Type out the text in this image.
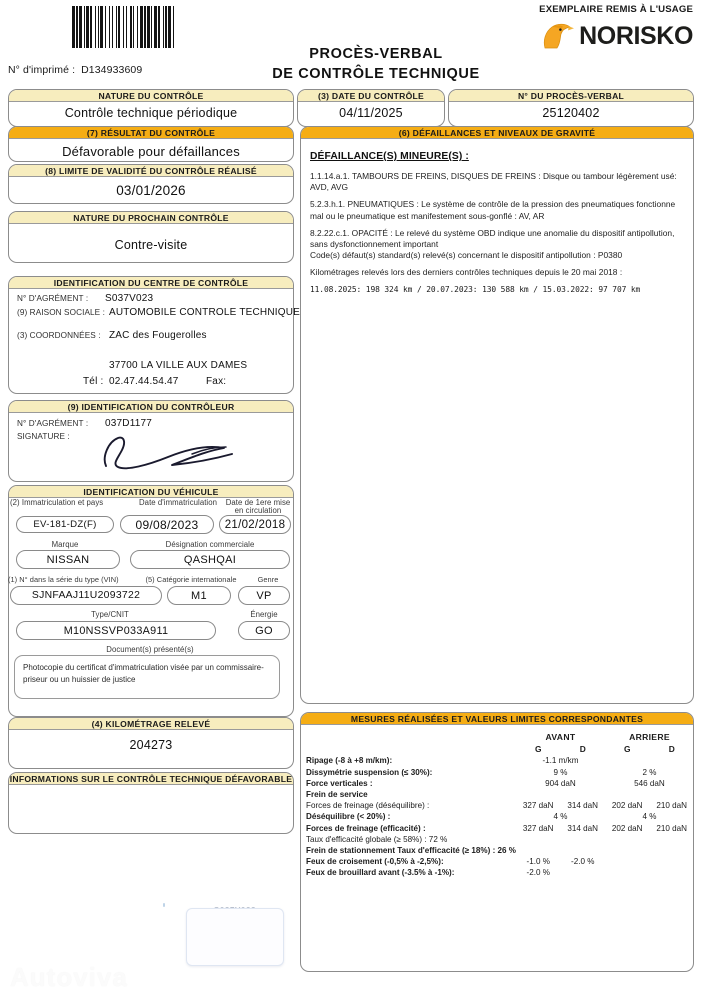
N° d'imprimé : D134933609
EXEMPLAIRE REMIS À L'USAGE
NORISKO
PROCÈS-VERBAL
DE CONTRÔLE TECHNIQUE
NATURE DU CONTRÔLE
Contrôle technique périodique
(3) DATE DU CONTRÔLE
04/11/2025
N° DU PROCÈS-VERBAL
25120402
(7) RÉSULTAT DU CONTRÔLE
Défavorable pour défaillances
(8) LIMITE DE VALIDITÉ DU CONTRÔLE RÉALISÉ
03/01/2026
NATURE DU PROCHAIN CONTRÔLE
Contre-visite
IDENTIFICATION DU CENTRE DE CONTRÔLE
N° D'AGRÉMENT : S037V023
(9) RAISON SOCIALE : AUTOMOBILE CONTROLE TECHNIQUE
(3) COORDONNÉES : ZAC des Fougerolles
37700 LA VILLE AUX DAMES
Tél : 02.47.44.54.47	Fax:
(9) IDENTIFICATION DU CONTRÔLEUR
N° D'AGRÉMENT : 037D1177
SIGNATURE :
IDENTIFICATION DU VÉHICULE
(2) Immatriculation et pays	Date d'immatriculation	Date de 1ere mise
en circulation
EV-181-DZ(F)	09/08/2023	21/02/2018
Marque	Désignation commerciale
NISSAN	QASHQAI
(1) N° dans la série du type (VIN)	(5) Catégorie internationale	Genre
SJNFAAJ11U2093722	M1	VP
Type/CNIT	Énergie
M10NSSVP033A911	GO
Document(s) présenté(s)
Photocopie du certificat d'immatriculation visée par un commissaire-priseur ou un huissier de justice
(4) KILOMÉTRAGE RELEVÉ
204273
INFORMATIONS SUR LE CONTRÔLE TECHNIQUE DÉFAVORABLE
(6) DÉFAILLANCES ET NIVEAUX DE GRAVITÉ
DÉFAILLANCE(S) MINEURE(S) :
1.1.14.a.1. TAMBOURS DE FREINS, DISQUES DE FREINS : Disque ou tambour légèrement usé: AVD, AVG
5.2.3.h.1. PNEUMATIQUES : Le système de contrôle de la pression des pneumatiques fonctionne mal ou le pneumatique est manifestement sous-gonflé : AV, AR
8.2.22.c.1. OPACITÉ : Le relevé du système OBD indique une anomalie du dispositif antipollution, sans dysfonctionnement important
Code(s) défaut(s) standard(s) relevé(s) concernant le dispositif antipollution : P0380
Kilométrages relevés lors des derniers contrôles techniques depuis le 20 mai 2018 :
11.08.2025: 198 324 km / 20.07.2023: 130 588 km / 15.03.2022: 97 707 km
MESURES RÉALISÉES ET VALEURS LIMITES CORRESPONDANTES
	AVANT		ARRIERE	
	G	D	G	D
Ripage (-8 à +8 m/km):	-1.1 m/km			
Dissymétrie suspension (≤ 30%):	9 %		2 %	
Force verticales :	904 daN		546 daN	
Frein de service				
Forces de freinage (déséquilibre) :	327 daN	314 daN	202 daN	210 daN
Déséquilibre (< 20%) :	4 %		4 %	
Forces de freinage (efficacité) :	327 daN	314 daN	202 daN	210 daN
Taux d'efficacité globale (≥ 58%) : 72 %				
Frein de stationnement Taux d'efficacité (≥ 18%) : 26 %				
Feux de croisement (-0,5% à -2,5%):	-1.0 %	-2.0 %		
Feux de brouillard avant (-3.5% à -1%):	-2.0 %			
Autoviva
